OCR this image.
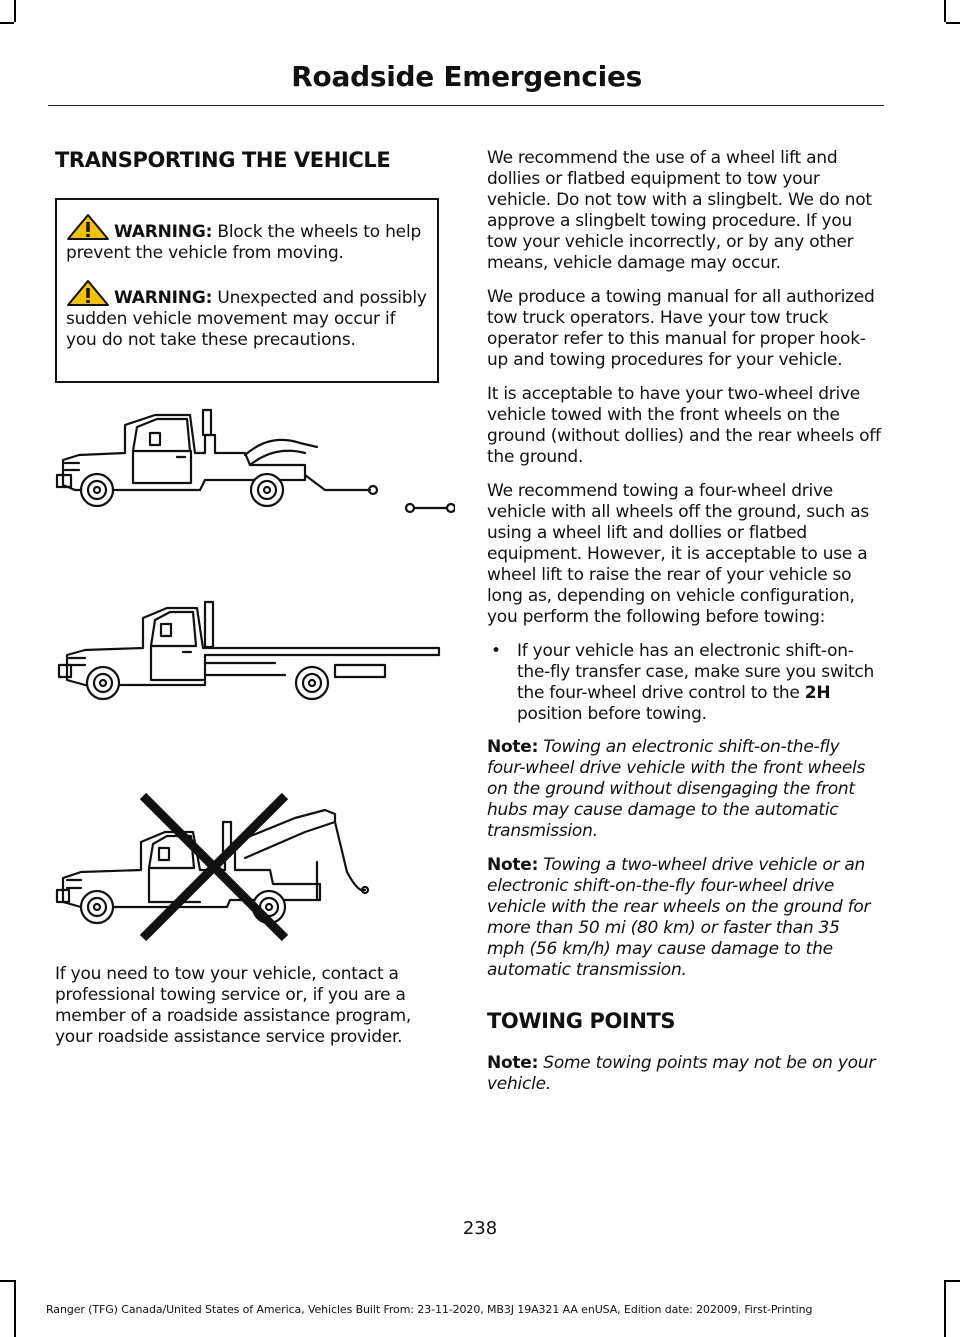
Roadside Emergencies
TRANSPORTING THE VEHICLE
WARNING: Block the wheels to help prevent the vehicle from moving.
WARNING: Unexpected and possibly sudden vehicle movement may occur if you do not take these precautions.
If you need to tow your vehicle, contact a professional towing service or, if you are a member of a roadside assistance program, your roadside assistance service provider.

We recommend the use of a wheel lift and dollies or flatbed equipment to tow your vehicle. Do not tow with a slingbelt. We do not approve a slingbelt towing procedure. If you tow your vehicle incorrectly, or by any other means, vehicle damage may occur.

We produce a towing manual for all authorized tow truck operators. Have your tow truck operator refer to this manual for proper hook-up and towing procedures for your vehicle.

It is acceptable to have your two-wheel drive vehicle towed with the front wheels on the ground (without dollies) and the rear wheels off the ground.

We recommend towing a four-wheel drive vehicle with all wheels off the ground, such as using a wheel lift and dollies or flatbed equipment. However, it is acceptable to use a wheel lift to raise the rear of your vehicle so long as, depending on vehicle configuration, you perform the following before towing:

• If your vehicle has an electronic shift-on-the-fly transfer case, make sure you switch the four-wheel drive control to the 2H position before towing.

Note: Towing an electronic shift-on-the-fly four-wheel drive vehicle with the front wheels on the ground without disengaging the front hubs may cause damage to the automatic transmission.

Note: Towing a two-wheel drive vehicle or an electronic shift-on-the-fly four-wheel drive vehicle with the rear wheels on the ground for more than 50 mi (80 km) or faster than 35 mph (56 km/h) may cause damage to the automatic transmission.

TOWING POINTS

Note: Some towing points may not be on your vehicle.

238
Ranger (TFG) Canada/United States of America, Vehicles Built From: 23-11-2020, MB3J 19A321 AA enUSA, Edition date: 202009, First-Printing
